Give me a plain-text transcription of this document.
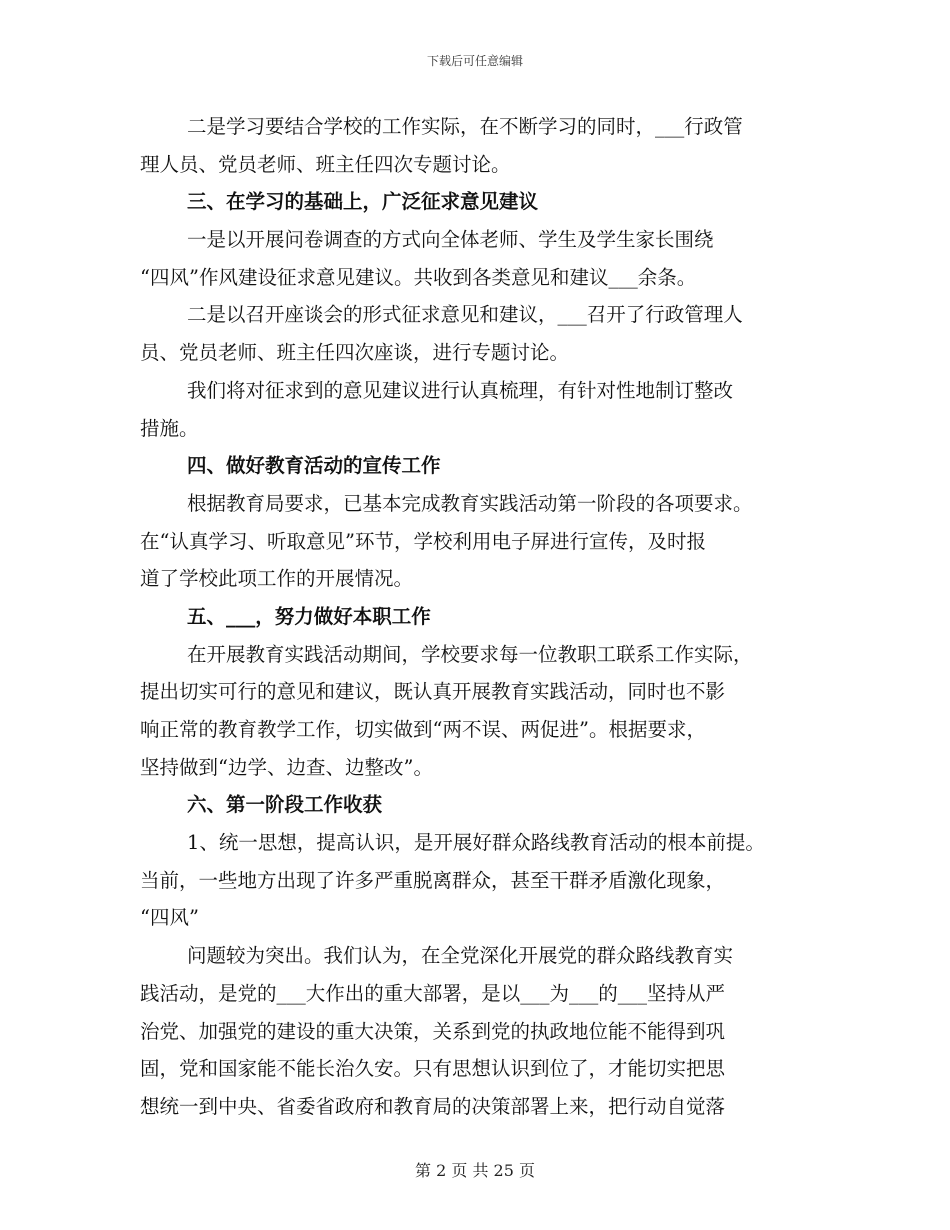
下载后可任意编辑
二是学习要结合学校的工作实际，在不断学习的同时，___行政管
理人员、党员老师、班主任四次专题讨论。
三、在学习的基础上，广泛征求意见建议
一是以开展问卷调查的方式向全体老师、学生及学生家长围绕
“四风”作风建设征求意见建议。共收到各类意见和建议___余条。
二是以召开座谈会的形式征求意见和建议，___召开了行政管理人
员、党员老师、班主任四次座谈，进行专题讨论。
我们将对征求到的意见建议进行认真梳理，有针对性地制订整改
措施。
四、做好教育活动的宣传工作
根据教育局要求，已基本完成教育实践活动第一阶段的各项要求。
在“认真学习、听取意见”环节，学校利用电子屏进行宣传，及时报
道了学校此项工作的开展情况。
五、___，努力做好本职工作
在开展教育实践活动期间，学校要求每一位教职工联系工作实际，
提出切实可行的意见和建议，既认真开展教育实践活动，同时也不影
响正常的教育教学工作，切实做到“两不误、两促进”。根据要求，
坚持做到“边学、边查、边整改”。
六、第一阶段工作收获
1、统一思想，提高认识，是开展好群众路线教育活动的根本前提。
当前，一些地方出现了许多严重脱离群众，甚至干群矛盾激化现象，
“四风”
问题较为突出。我们认为，在全党深化开展党的群众路线教育实
践活动，是党的___大作出的重大部署，是以___为___的___坚持从严
治党、加强党的建设的重大决策，关系到党的执政地位能不能得到巩
固，党和国家能不能长治久安。只有思想认识到位了，才能切实把思
想统一到中央、省委省政府和教育局的决策部署上来，把行动自觉落
第 2 页 共 25 页
